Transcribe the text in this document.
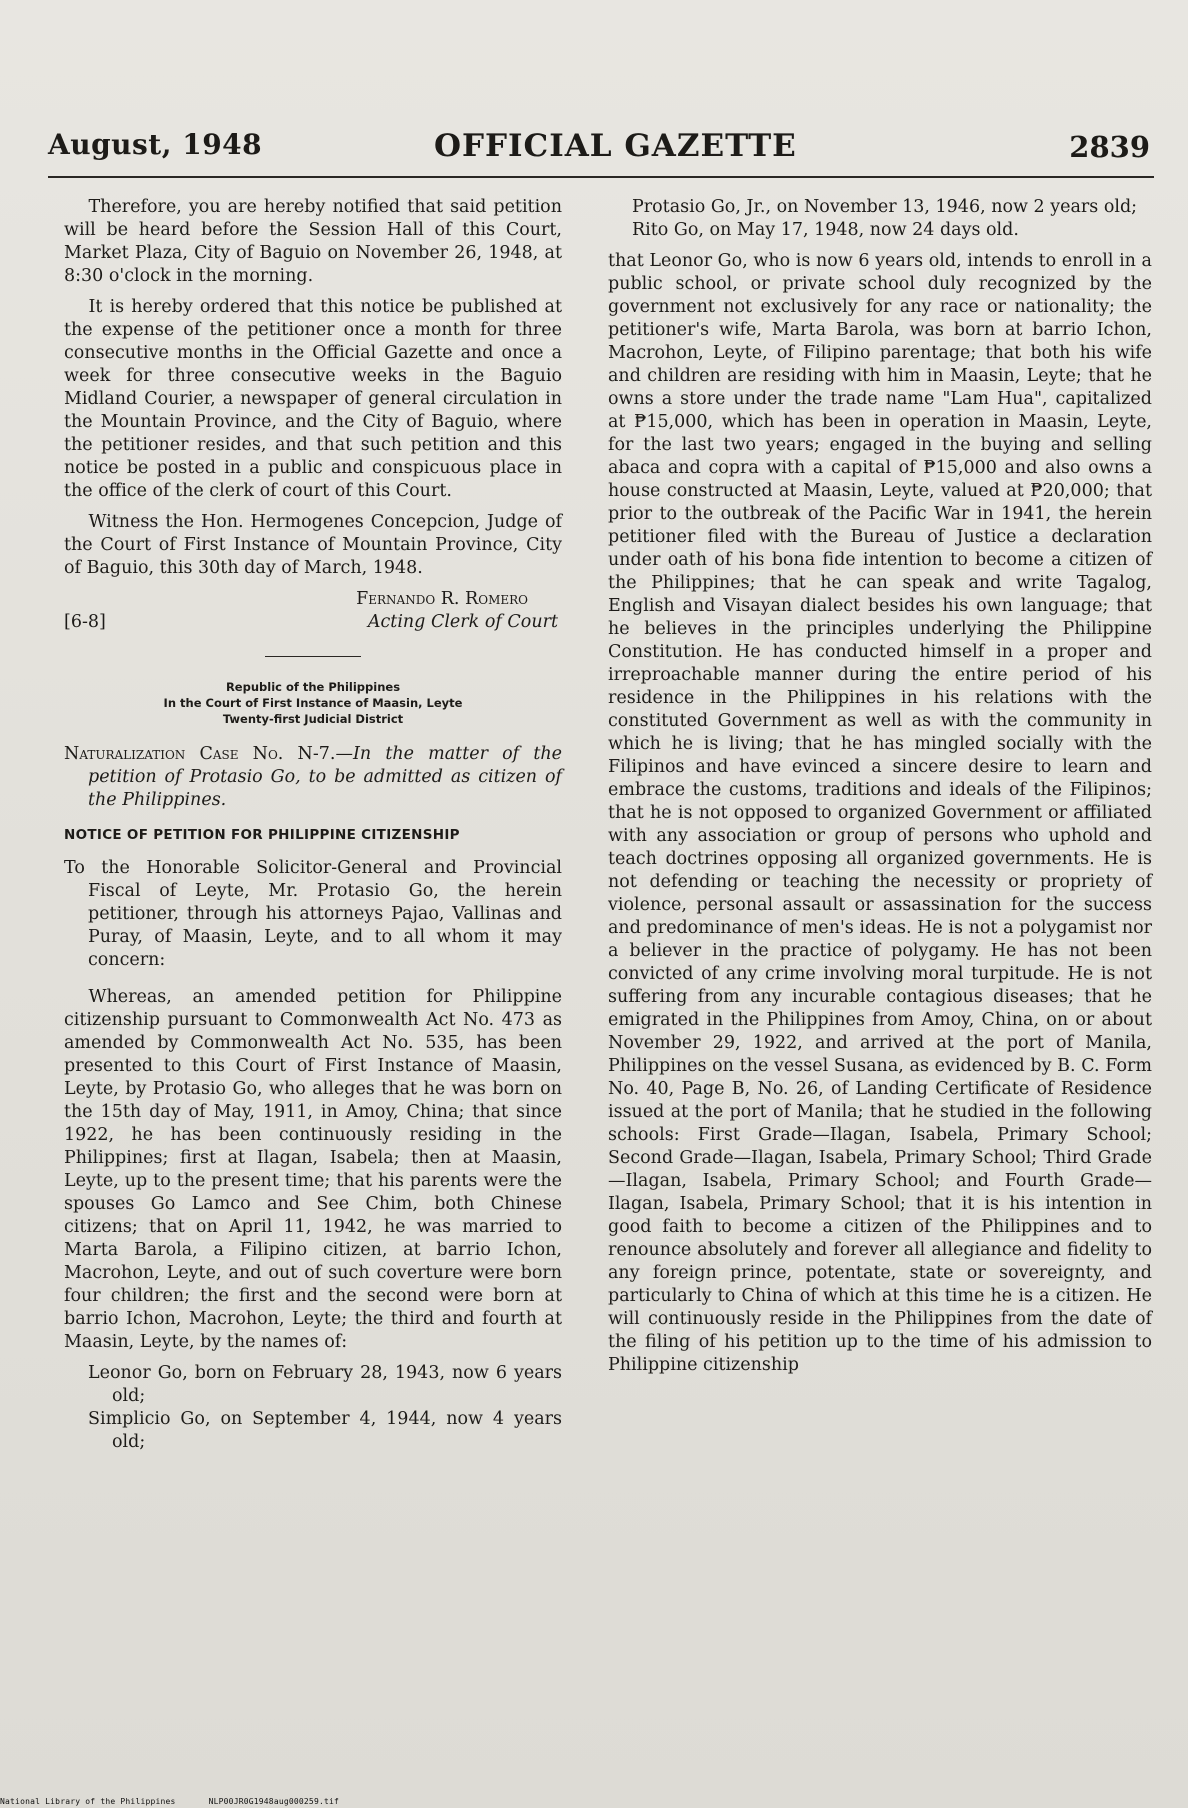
August, 1948	OFFICIAL GAZETTE	2839

Therefore, you are hereby notified that said petition will be heard before the Session Hall of this Court, Market Plaza, City of Baguio on November 26, 1948, at 8:30 o'clock in the morning.

It is hereby ordered that this notice be published at the expense of the petitioner once a month for three consecutive months in the Official Gazette and once a week for three consecutive weeks in the Baguio Midland Courier, a newspaper of general circulation in the Mountain Province, and the City of Baguio, where the petitioner resides, and that such petition and this notice be posted in a public and conspicuous place in the office of the clerk of court of this Court.

Witness the Hon. Hermogenes Concepcion, Judge of the Court of First Instance of Mountain Province, City of Baguio, this 30th day of March, 1948.

Fernando R. Romero
[6-8]	Acting Clerk of Court
Republic of the Philippines
In the Court of First Instance of Maasin, Leyte
Twenty-first Judicial District

Naturalization Case No. N-7.—In the matter of the petition of Protasio Go, to be admitted as citizen of the Philippines.

NOTICE OF PETITION FOR PHILIPPINE CITIZENSHIP

To the Honorable Solicitor-General and Provincial Fiscal of Leyte, Mr. Protasio Go, the herein petitioner, through his attorneys Pajao, Vallinas and Puray, of Maasin, Leyte, and to all whom it may concern:

Whereas, an amended petition for Philippine citizenship pursuant to Commonwealth Act No. 473 as amended by Commonwealth Act No. 535, has been presented to this Court of First Instance of Maasin, Leyte, by Protasio Go, who alleges that he was born on the 15th day of May, 1911, in Amoy, China; that since 1922, he has been continuously residing in the Philippines; first at Ilagan, Isabela; then at Maasin, Leyte, up to the present time; that his parents were the spouses Go Lamco and See Chim, both Chinese citizens; that on April 11, 1942, he was married to Marta Barola, a Filipino citizen, at barrio Ichon, Macrohon, Leyte, and out of such coverture were born four children; the first and the second were born at barrio Ichon, Macrohon, Leyte; the third and fourth at Maasin, Leyte, by the names of:

Leonor Go, born on February 28, 1943, now 6 years old;

Simplicio Go, on September 4, 1944, now 4 years old;

Protasio Go, Jr., on November 13, 1946, now 2 years old;

Rito Go, on May 17, 1948, now 24 days old.

that Leonor Go, who is now 6 years old, intends to enroll in a public school, or private school duly recognized by the government not exclusively for any race or nationality; the petitioner's wife, Marta Barola, was born at barrio Ichon, Macrohon, Leyte, of Filipino parentage; that both his wife and children are residing with him in Maasin, Leyte; that he owns a store under the trade name "Lam Hua", capitalized at ₱15,000, which has been in operation in Maasin, Leyte, for the last two years; engaged in the buying and selling abaca and copra with a capital of ₱15,000 and also owns a house constructed at Maasin, Leyte, valued at ₱20,000; that prior to the outbreak of the Pacific War in 1941, the herein petitioner filed with the Bureau of Justice a declaration under oath of his bona fide intention to become a citizen of the Philippines; that he can speak and write Tagalog, English and Visayan dialect besides his own language; that he believes in the principles underlying the Philippine Constitution. He has conducted himself in a proper and irreproachable manner during the entire period of his residence in the Philippines in his relations with the constituted Government as well as with the community in which he is living; that he has mingled socially with the Filipinos and have evinced a sincere desire to learn and embrace the customs, traditions and ideals of the Filipinos; that he is not opposed to organized Government or affiliated with any association or group of persons who uphold and teach doctrines opposing all organized governments. He is not defending or teaching the necessity or propriety of violence, personal assault or assassination for the success and predominance of men's ideas. He is not a polygamist nor a believer in the practice of polygamy. He has not been convicted of any crime involving moral turpitude. He is not suffering from any incurable contagious diseases; that he emigrated in the Philippines from Amoy, China, on or about November 29, 1922, and arrived at the port of Manila, Philippines on the vessel Susana, as evidenced by B. C. Form No. 40, Page B, No. 26, of Landing Certificate of Residence issued at the port of Manila; that he studied in the following schools: First Grade—Ilagan, Isabela, Primary School; Second Grade—Ilagan, Isabela, Primary School; Third Grade—Ilagan, Isabela, Primary School; and Fourth Grade—Ilagan, Isabela, Primary School; that it is his intention in good faith to become a citizen of the Philippines and to renounce absolutely and forever all allegiance and fidelity to any foreign prince, potentate, state or sovereignty, and particularly to China of which at this time he is a citizen. He will continuously reside in the Philippines from the date of the filing of his petition up to the time of his admission to Philippine citizenship

National Library of the Philippines	NLP00JR0G1948aug000259.tif
